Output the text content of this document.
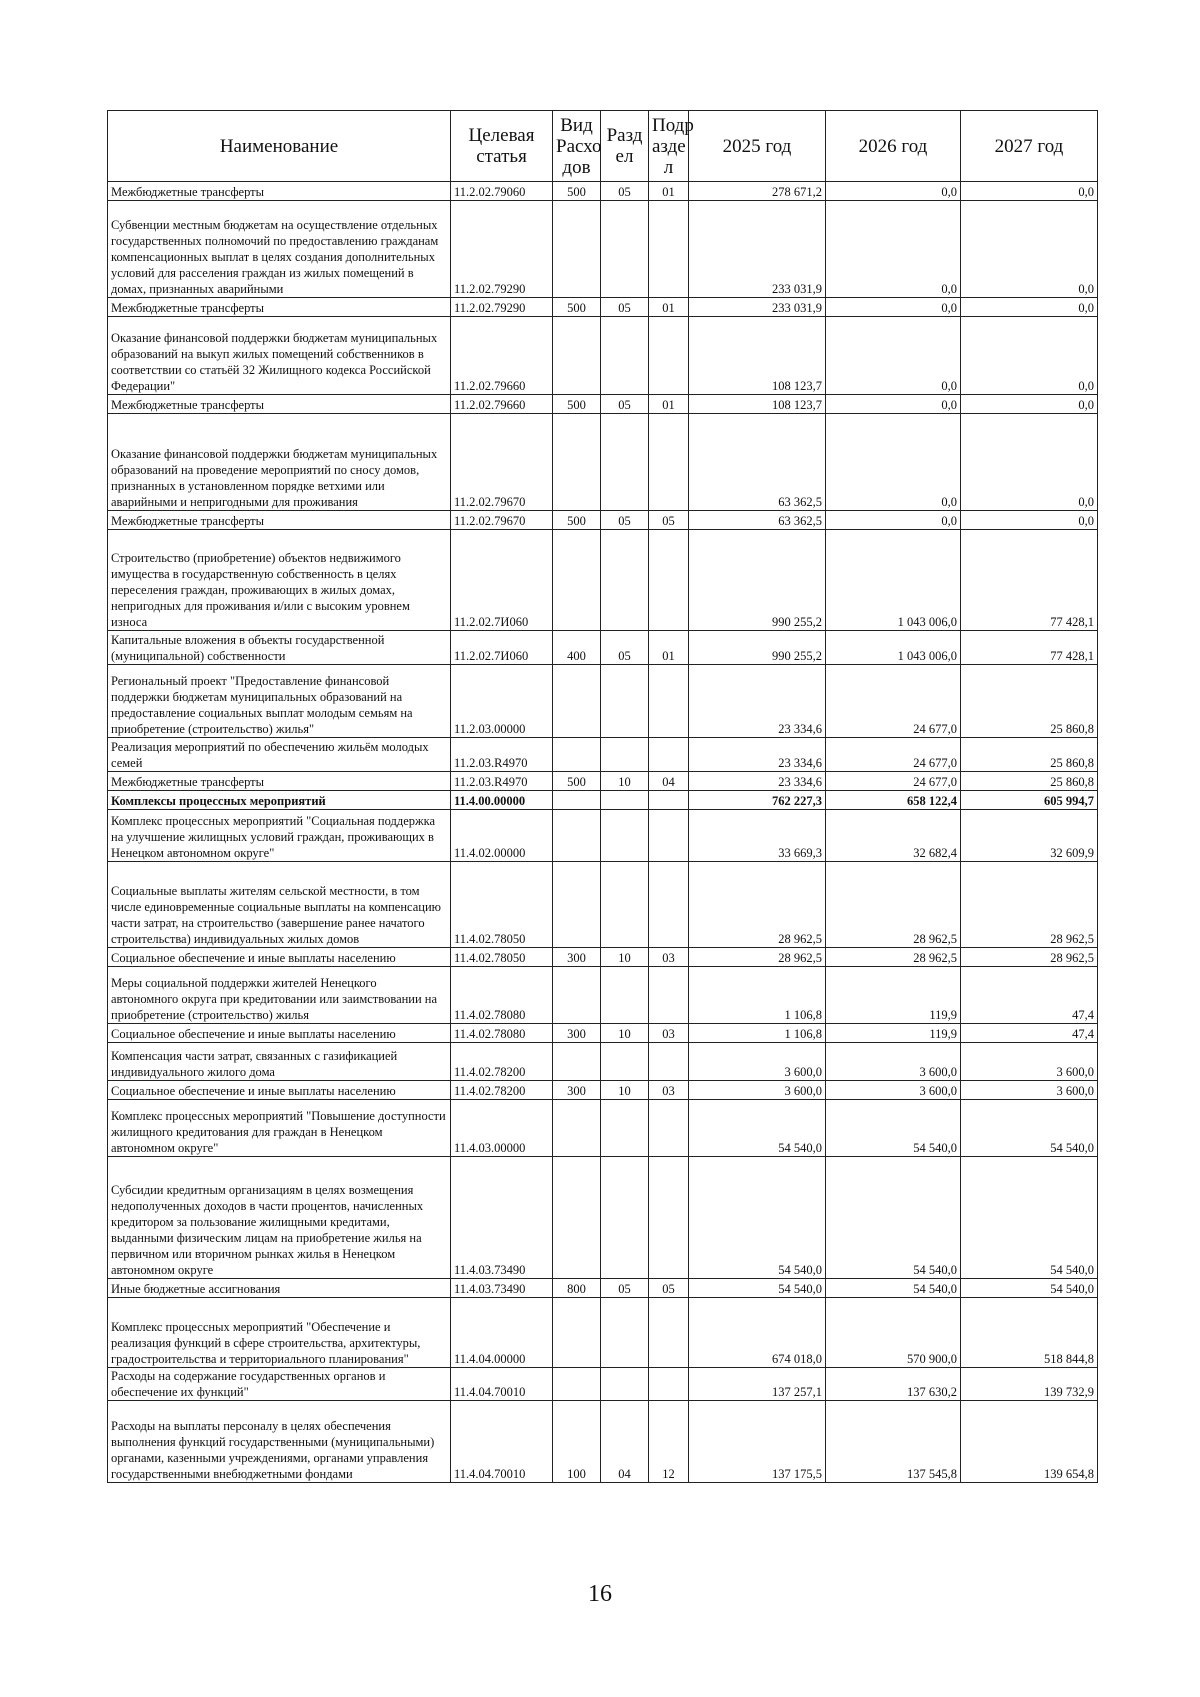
Наименование	Целевая статья	Вид Расхо дов	Разд ел	Подр азде л	2025 год	2026 год	2027 год
Межбюджетные трансферты	11.2.02.79060	500	05	01	278 671,2	0,0	0,0
Субвенции местным бюджетам на осуществление отдельных государственных полномочий по предоставлению гражданам компенсационных выплат в целях создания дополнительных условий для расселения граждан из жилых помещений в домах, признанных аварийными	11.2.02.79290				233 031,9	0,0	0,0
Межбюджетные трансферты	11.2.02.79290	500	05	01	233 031,9	0,0	0,0
Оказание финансовой поддержки бюджетам муниципальных образований на выкуп жилых помещений собственников в соответствии со статьёй 32 Жилищного кодекса Российской Федерации"	11.2.02.79660				108 123,7	0,0	0,0
Межбюджетные трансферты	11.2.02.79660	500	05	01	108 123,7	0,0	0,0
Оказание финансовой поддержки бюджетам муниципальных образований на проведение мероприятий по сносу домов, признанных в установленном порядке ветхими или аварийными и непригодными для проживания	11.2.02.79670				63 362,5	0,0	0,0
Межбюджетные трансферты	11.2.02.79670	500	05	05	63 362,5	0,0	0,0
Строительство (приобретение) объектов недвижимого имущества в государственную собственность в целях переселения граждан, проживающих в жилых домах, непригодных для проживания и/или с высоким уровнем износа	11.2.02.7И060				990 255,2	1 043 006,0	77 428,1
Капитальные вложения в объекты государственной (муниципальной) собственности	11.2.02.7И060	400	05	01	990 255,2	1 043 006,0	77 428,1
Региональный проект "Предоставление финансовой поддержки бюджетам муниципальных образований на предоставление социальных выплат молодым семьям на приобретение (строительство) жилья"	11.2.03.00000				23 334,6	24 677,0	25 860,8
Реализация мероприятий по обеспечению жильём молодых семей	11.2.03.R4970				23 334,6	24 677,0	25 860,8
Межбюджетные трансферты	11.2.03.R4970	500	10	04	23 334,6	24 677,0	25 860,8
Комплексы процессных мероприятий	11.4.00.00000				762 227,3	658 122,4	605 994,7
Комплекс процессных мероприятий "Социальная поддержка на улучшение жилищных условий граждан, проживающих в Ненецком автономном округе"	11.4.02.00000				33 669,3	32 682,4	32 609,9
Социальные выплаты жителям сельской местности, в том числе единовременные социальные выплаты на компенсацию части затрат, на строительство (завершение ранее начатого строительства) индивидуальных жилых домов	11.4.02.78050				28 962,5	28 962,5	28 962,5
Социальное обеспечение и иные выплаты населению	11.4.02.78050	300	10	03	28 962,5	28 962,5	28 962,5
Меры социальной поддержки жителей Ненецкого автономного округа при кредитовании или заимствовании на приобретение (строительство) жилья	11.4.02.78080				1 106,8	119,9	47,4
Социальное обеспечение и иные выплаты населению	11.4.02.78080	300	10	03	1 106,8	119,9	47,4
Компенсация части затрат, связанных с газификацией индивидуального жилого дома	11.4.02.78200				3 600,0	3 600,0	3 600,0
Социальное обеспечение и иные выплаты населению	11.4.02.78200	300	10	03	3 600,0	3 600,0	3 600,0
Комплекс процессных мероприятий "Повышение доступности жилищного кредитования для граждан в Ненецком автономном округе"	11.4.03.00000				54 540,0	54 540,0	54 540,0
Субсидии кредитным организациям в целях возмещения недополученных доходов в части процентов, начисленных кредитором за пользование жилищными кредитами, выданными физическим лицам на приобретение жилья на первичном или вторичном рынках жилья в Ненецком автономном округе	11.4.03.73490				54 540,0	54 540,0	54 540,0
Иные бюджетные ассигнования	11.4.03.73490	800	05	05	54 540,0	54 540,0	54 540,0
Комплекс процессных мероприятий "Обеспечение и реализация функций в сфере строительства, архитектуры, градостроительства и территориального планирования"	11.4.04.00000				674 018,0	570 900,0	518 844,8
Расходы на содержание государственных органов и обеспечение их функций"	11.4.04.70010				137 257,1	137 630,2	139 732,9
Расходы на выплаты персоналу в целях обеспечения выполнения функций государственными (муниципальными) органами, казенными учреждениями, органами управления государственными внебюджетными фондами	11.4.04.70010	100	04	12	137 175,5	137 545,8	139 654,8
16
